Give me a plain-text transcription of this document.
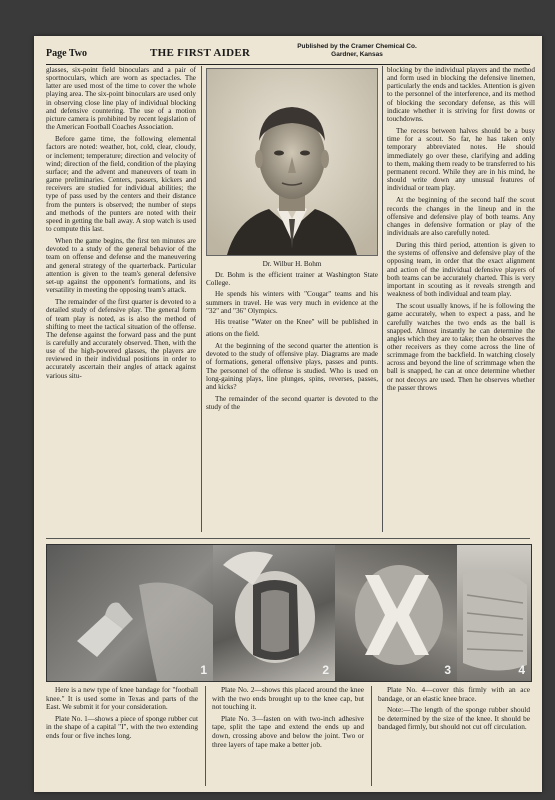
Page Two	THE FIRST AIDER
Published by the Cramer Chemical Co.
Gardner, Kansas

glasses, six-point field binoculars and a pair of sportnoculars, which are worn as spectacles. The latter are used most of the time to cover the whole playing area. The six-point binoculars are used only in observing close line play of individual blocking and defensive countering. The use of a motion picture camera is prohibited by recent legislation of the American Football Coaches Association.

Before game time, the following elemental factors are noted: weather, hot, cold, clear, cloudy, or inclement; temperature; direction and velocity of wind; direction of the field, condition of the playing surface; and the advent and maneuvers of team in game preliminaries. Centers, passers, kickers and receivers are studied for individual abilities; the type of pass used by the centers and their distance from the punters is observed; the number of steps and methods of the punters are noted with their speed in getting the ball away. A stop watch is used to compute this last.

When the game begins, the first ten minutes are devoted to a study of the general behavior of the team on offense and defense and the maneuvering and general strategy of the quarterback. Particular attention is given to the team's general defensive set-up against the opponent's formations, and its versatility in meeting the opposing team's attack.

The remainder of the first quarter is devoted to a detailed study of defensive play. The general form of team play is noted, as is also the method of shifting to meet the tactical situation of the offense. The defense against the forward pass and the punt is carefully and accurately observed. Then, with the use of the high-powered glasses, the players are reviewed in their individual positions in order to accurately ascertain their angles of attack against various situ-

Dr. Wilbur H. Bohm

Dr. Bohm is the efficient trainer at Washington State College.

He spends his winters with "Cougar" teams and his summers in travel. He was very much in evidence at the "32" and "36" Olympics.

His treatise "Water on the Knee" will be published in

ations on the field.

At the beginning of the second quarter the attention is devoted to the study of offensive play. Diagrams are made of formations, general offensive plays, passes and punts. The personnel of the offense is studied. Who is used on long-gaining plays, line plunges, spins, reverses, passes, and kicks?

The remainder of the second quarter is devoted to the study of the

blocking by the individual players and the method and form used in blocking the defensive linemen, particularly the ends and tackles. Attention is given to the personnel of the interference, and its method of blocking the secondary defense, as this will indicate whether it is striving for first downs or touchdowns.

The recess between halves should be a busy time for a scout. So far, he has taken only temporary abbreviated notes. He should immediately go over these, clarifying and adding to them, making them ready to be transferred to his permanent record. While they are in his mind, he should write down any unusual features of individual or team play.

At the beginning of the second half the scout records the changes in the lineup and in the offensive and defensive play of both teams. Any changes in defensive formation or play of the individuals are also carefully noted.

During this third period, attention is given to the systems of offensive and defensive play of the opposing team, in order that the exact alignment and action of the individual defensive players of both teams can be accurately charted. This is very important in scouting as it reveals strength and weakness of both individual and team play.

The scout usually knows, if he is following the game accurately, when to expect a pass, and he carefully watches the two ends as the ball is snapped. Almost instantly he can determine the angles which they are to take; then he observes the other receivers as they come across the line of scrimmage from the backfield. In watching closely across and beyond the line of scrimmage when the ball is snapped, he can at once determine whether or not decoys are used. Then he observes whether the passer throws

1	2	3	4

Here is a new type of knee bandage for "football knee." It is used some in Texas and parts of the East. We submit it for your consideration.

Plate No. 1—shows a piece of sponge rubber cut in the shape of a capital "I", with the two extending ends four or five inches long.

Plate No. 2—shows this placed around the knee with the two ends brought up to the knee cap, but not touching it.

Plate No. 3—fasten on with two-inch adhesive tape, split the tape and extend the ends up and down, crossing above and below the joint. Two or three layers of tape make a better job.

Plate No. 4—cover this firmly with an ace bandage, or an elastic knee brace.

Note:—The length of the sponge rubber should be determined by the size of the knee. It should be bandaged firmly, but should not cut off circulation.
